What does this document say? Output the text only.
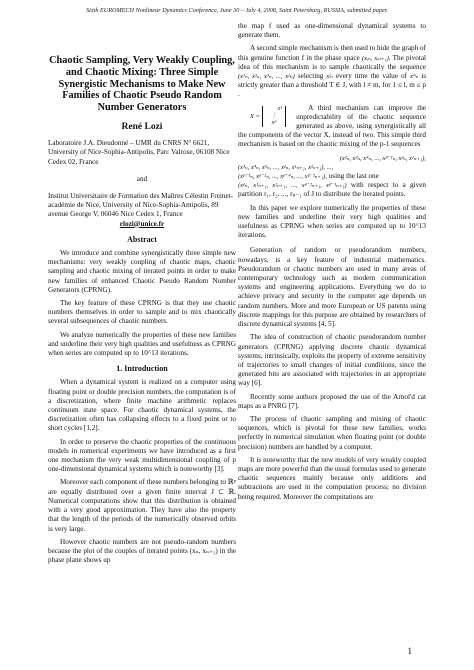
Sixth EUROMECH Nonlinear Dynamics Conference, June 30 – July 4, 2008, Saint Petersburg, RUSSIA, submitted paper.
Chaotic Sampling, Very Weakly Coupling, and Chaotic Mixing: Three Simple Synergistic Mechanisms to Make New Families of Chaotic Pseudo Random Number Generators
René Lozi

Laboratoire J.A. Dieudonné – UMR du CNRS N° 6621, University of Nice-Sophia-Antipolis, Parc Valrose, 06108 Nice Cedex 02, France

and

Institut Universitaire de Formation des Maîtres Célestin Freinet-académie de Nice, University of Nice-Sophia-Antipolis, 89 avenue George V, 06046 Nice Cedex 1, France

rlozi@unice.fr
Abstract

We introduce and combine synergistically three simple new mechanisms: very weakly coupling of chaotic maps, chaotic sampling and chaotic mixing of iterated points in order to make new families of enhanced Chaotic Pseudo Random Number Generators (CPRNG).

The key feature of these CPRNG is that they use chaotic numbers themselves in order to sample and to mix chaotically several subsequences of chaotic numbers.

We analyze numerically the properties of these new families and underline their very high qualities and usefulness as CPRNG when series are computed up to 10^13 iterations.

1. Introduction

When a dynamical system is realized on a computer using floating point or double precision numbers, the computation is of a discretization, where finite machine arithmetic replaces continuum state space. For chaotic dynamical systems, the discretization often has collapsing effects to a fixed point or to short cycles [1,2].

In order to preserve the chaotic properties of the continuous models in numerical experiments we have introduced as a first one mechanism the very weak multidimensional coupling of p one-dimensional dynamical systems which is noteworthy [3].

Moreover each component of these numbers belonging to ℝᵖ are equally distributed over a given finite interval J ⊂ ℝ. Numerical computations show that this distribution is obtained with a very good approximation. They have also the property that the length of the periods of the numerically observed orbits is very large.

However chaotic numbers are not pseudo-random numbers because the plot of the couples of iterated points (xₙ, xₙ₊₁) in the phase plane shows up

the map f used as one-dimensional dynamical systems to generate them.

A second simple mechanism is then used to hide the graph of this genuine function f in the phase space (xᵢₙ, xᵢₙ₊₁). The pivotal idea of this mechanism is to sample chaotically the sequence (x¹ₙ, x²ₙ, x³ₙ, ..., xᵖₙ) selecting xˡₙ every time the value of xᵐₙ is strictly greater than a threshold T ∈ J, with l ≠ m, for 1 ≤ l, m ≤ p .

X = x¹
⋮
xᵖ
A third mechanism can improve the unpredictability of the chaotic sequence generated as above, using synergistically all the components of the vector X, instead of two. This simple third mechanism is based on the chaotic mixing of the p-1 sequences

(x²ₙ, x³ₙ, x⁴ₙ, ..., xᵖ⁻¹ₙ, xᵖₙ, x¹ₙ₊₁),
(x³ₙ, x⁴ₙ, x⁵ₙ, ..., xᵖₙ, x¹ₙ₊₁, x²ₙ₊₁), ...,
(xᵖ⁻¹ₙ, xᵖ⁻²ₙ, ..., xᵖ⁻⁴ₙ, ..., xᵖ⁻²ₙ₊₁), using the last one

(xᵖₙ, x¹ₙ₊₁, x²ₙ₊₁, ..., xᵖ⁻²ₙ₊₁, xᵖ⁻¹ₙ₊₁) with respect to a given partition r₁, r₂, ..., rₚ₋₁ of J to distribute the iterated points.

In this paper we explore numerically the properties of these new families and underline their very high qualities and usefulness as CPRNG when series are computed up to 10^13 iterations.

Generation of random or pseudorandom numbers, nowadays, is a key feature of industrial mathematics. Pseudorandom or chaotic numbers are used in many areas of contemporary technology such as modern communication systems and engineering applications. Everything we do to achieve privacy and security in the computer age depends on random numbers. More and more European or US patents using discrete mappings for this purpose are obtained by researchers of discrete dynamical systems [4, 5].

The idea of construction of chaotic pseudorandom number generators (CPRNG) applying discrete chaotic dynamical systems, intrinsically, exploits the property of extreme sensitivity of trajectories to small changes of initial conditions, since the generated bits are associated with trajectories in an appropriate way [6].

Recently some authors proposed the use of the Arnol'd cat maps as a PNRG [7].

The process of chaotic sampling and mixing of chaotic sequences, which is pivotal for these new families, works perfectly in numerical simulation when floating point (or double precision) numbers are handled by a computer.

It is noteworthy that the new models of very weakly coupled maps are more powerful than the usual formulas used to generate chaotic sequences mainly because only additions and subtractions are used in the computation process; no division being required. Moreover the computations are

1
